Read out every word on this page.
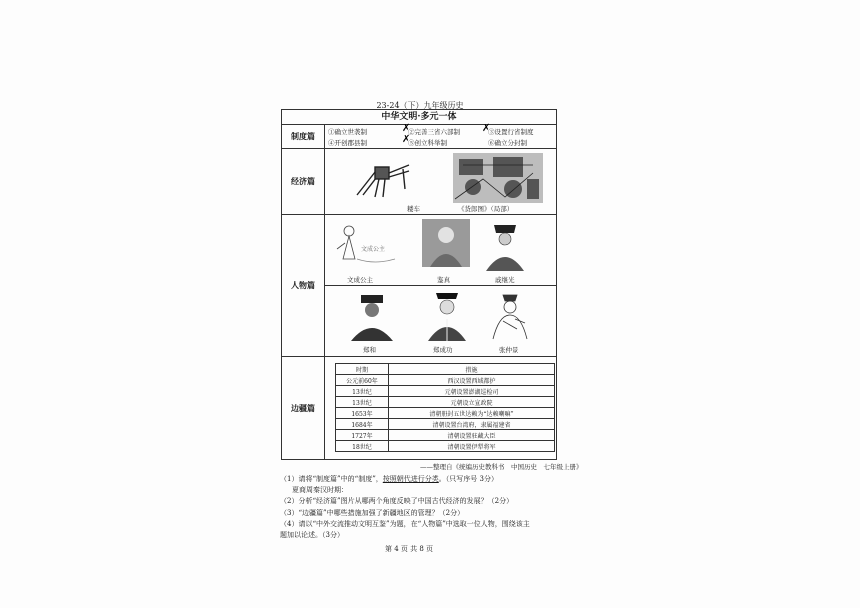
23-24（下）九年级历史
中华文明·多元一体
制度篇	①确立世袭制	②完善三省六部制	③设置行省制度
④开创郡县制	⑤创立科举制	⑥确立分封制
✗	✗
✗
经济篇
耧车	《货郎图》（局部）
人物篇
文成公主
文成公主	鉴真	戚继光
郑和	郑成功	张仲景
边疆篇
时期	措施
公元前60年	西汉设置西域都护
13世纪	元朝设置澎湖巡检司
13世纪	元朝设立宣政院
1653年	清朝册封五世达赖为“达赖喇嘛”
1684年	清朝设置台湾府，隶属福建省
1727年	清朝设置驻藏大臣
18世纪	清朝设置伊犁将军
——整理自《统编历史教科书　中国历史　七年级上册》
（1）请将“制度篇”中的“制度”，按照朝代进行分类。（只写序号 3分）
夏商周秦汉时期：
（2）分析“经济篇”图片从哪两个角度反映了中国古代经济的发展？（2分）
（3）“边疆篇”中哪些措施加强了新疆地区的管理？（2分）
（4）请以“中外交流推动文明互鉴”为题，在“人物篇”中选取一位人物，围绕该主
题加以论述。（3分）
第 4 页 共 8 页
